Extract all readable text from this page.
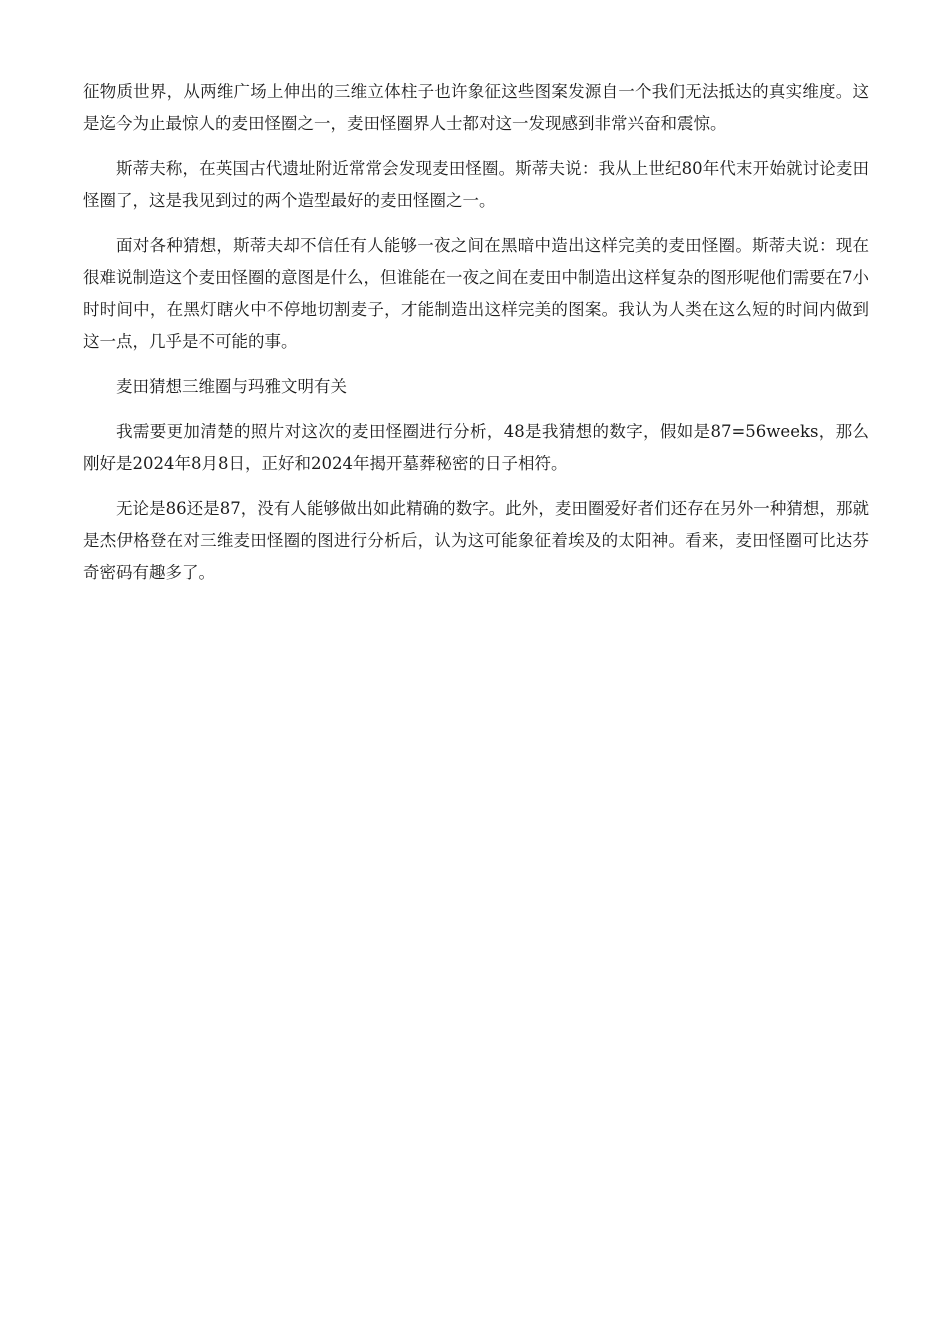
征物质世界，从两维广场上伸出的三维立体柱子也许象征这些图案发源自一个我们无法抵达的真实维度。这是迄今为止最惊人的麦田怪圈之一，麦田怪圈界人士都对这一发现感到非常兴奋和震惊。

斯蒂夫称，在英国古代遗址附近常常会发现麦田怪圈。斯蒂夫说：我从上世纪80年代末开始就讨论麦田怪圈了，这是我见到过的两个造型最好的麦田怪圈之一。

面对各种猜想，斯蒂夫却不信任有人能够一夜之间在黑暗中造出这样完美的麦田怪圈。斯蒂夫说：现在很难说制造这个麦田怪圈的意图是什么，但谁能在一夜之间在麦田中制造出这样复杂的图形呢他们需要在7小时时间中，在黑灯瞎火中不停地切割麦子，才能制造出这样完美的图案。我认为人类在这么短的时间内做到这一点，几乎是不可能的事。

麦田猜想三维圈与玛雅文明有关

我需要更加清楚的照片对这次的麦田怪圈进行分析，48是我猜想的数字，假如是87=56weeks，那么刚好是2024年8月8日，正好和2024年揭开墓葬秘密的日子相符。

无论是86还是87，没有人能够做出如此精确的数字。此外，麦田圈爱好者们还存在另外一种猜想，那就是杰伊格登在对三维麦田怪圈的图进行分析后，认为这可能象征着埃及的太阳神。看来，麦田怪圈可比达芬奇密码有趣多了。
